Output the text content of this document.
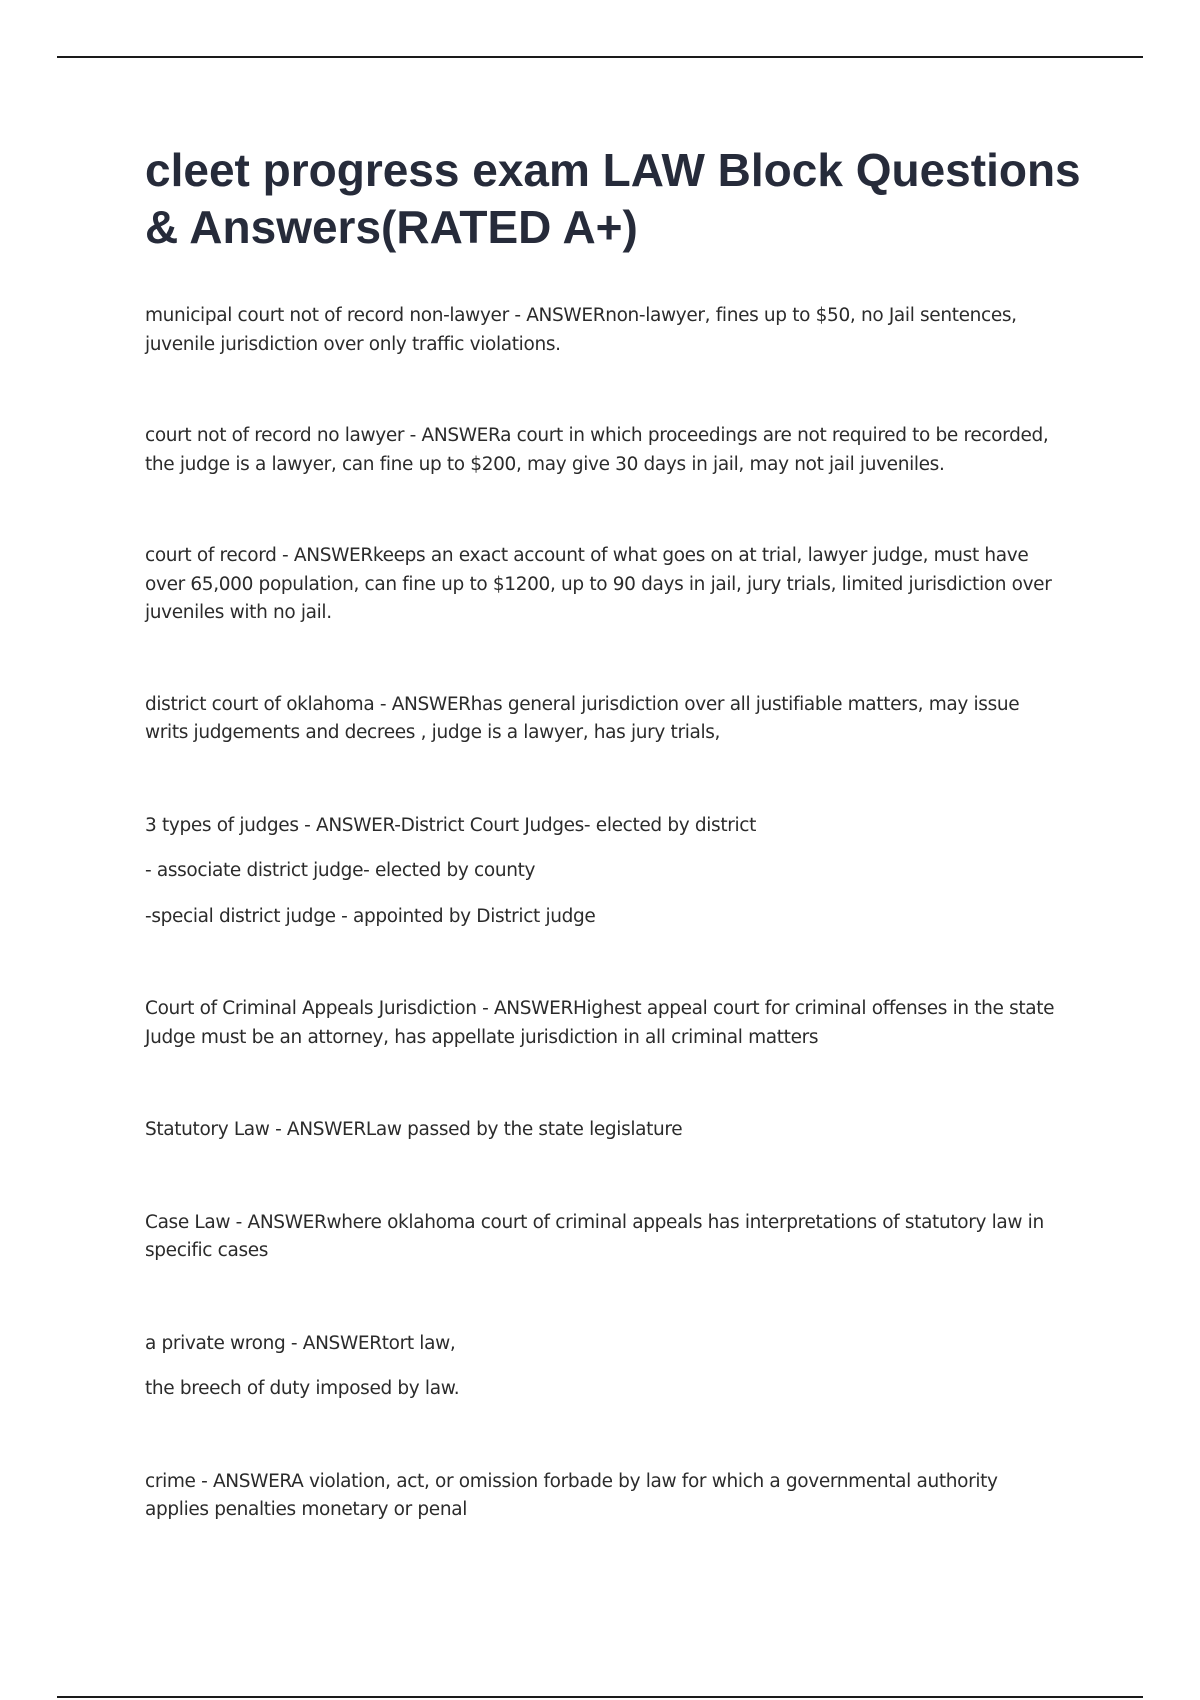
cleet progress exam LAW Block Questions & Answers(RATED A+)

municipal court not of record non-lawyer - ANSWERnon-lawyer, fines up to $50, no Jail sentences, juvenile jurisdiction over only traffic violations.

court not of record no lawyer - ANSWERa court in which proceedings are not required to be recorded, the judge is a lawyer, can fine up to $200, may give 30 days in jail, may not jail juveniles.

court of record - ANSWERkeeps an exact account of what goes on at trial, lawyer judge, must have over 65,000 population, can fine up to $1200, up to 90 days in jail, jury trials, limited jurisdiction over juveniles with no jail.

district court of oklahoma - ANSWERhas general jurisdiction over all justifiable matters, may issue writs judgements and decrees , judge is a lawyer, has jury trials,

3 types of judges - ANSWER-District Court Judges- elected by district

- associate district judge- elected by county

-special district judge - appointed by District judge

Court of Criminal Appeals Jurisdiction - ANSWERHighest appeal court for criminal offenses in the state Judge must be an attorney, has appellate jurisdiction in all criminal matters

Statutory Law - ANSWERLaw passed by the state legislature

Case Law - ANSWERwhere oklahoma court of criminal appeals has interpretations of statutory law in specific cases

a private wrong - ANSWERtort law,

the breech of duty imposed by law.

crime - ANSWERA violation, act, or omission forbade by law for which a governmental authority applies penalties monetary or penal
